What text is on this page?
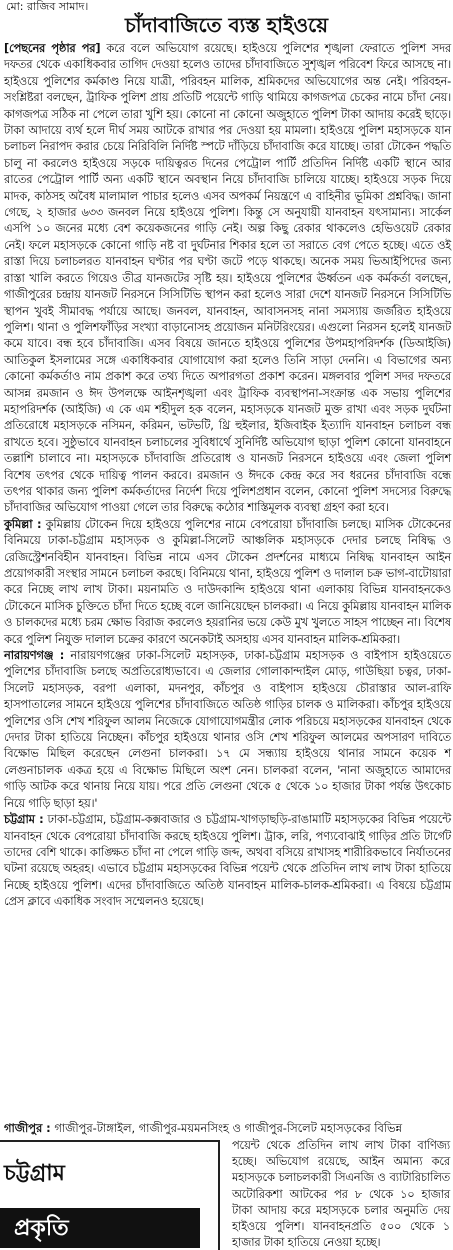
মো: রাজিব সামাদ।
চাঁদাবাজিতে ব্যস্ত হাইওয়ে

[পেছনের পৃষ্ঠার পর] করে বলে অভিযোগ রয়েছে। হাইওয়ে পুলিশের শৃঙ্খলা ফেরাতে পুলিশ সদর দফতর থেকে একাধিকবার তাগিদ দেওয়া হলেও তাদের চাঁদাবাজিতে সুশৃঙ্খল পরিবেশ ফিরে আসছে না। হাইওয়ে পুলিশের কর্মকাণ্ড নিয়ে যাত্রী, পরিবহন মালিক, শ্রমিকদের অভিযোগের অন্ত নেই। পরিবহন-সংশ্লিষ্টরা বলছেন, ট্রাফিক পুলিশ প্রায় প্রতিটি পয়েন্টে গাড়ি থামিয়ে কাগজপত্র চেকের নামে চাঁদা নেয়। কাগজপত্র সঠিক না পেলে তারা খুশি হয়। কোনো না কোনো অজুহাতে পুলিশ টাকা আদায় করেই ছাড়ে। টাকা আদায়ে ব্যর্থ হলে দীর্ঘ সময় আটকে রাখার পর দেওয়া হয় মামলা। হাইওয়ে পুলিশ মহাসড়কে যান চলাচল নিরাপদ করার চেয়ে নিরিবিলি নির্দিষ্ট স্পটে দাঁড়িয়ে চাঁদাবাজি করে যাচ্ছে। তারা টোকেন পদ্ধতি চালু না করলেও হাইওয়ে সড়কে দায়িত্বরত দিনের পেট্রোল পার্টি প্রতিদিন নির্দিষ্ট একটি স্থানে আর রাতের পেট্রোল পার্টি অন্য একটি স্থানে অবস্থান নিয়ে চাঁদাবাজি চালিয়ে যাচ্ছে। হাইওয়ে সড়ক দিয়ে মাদক, কাঠসহ অবৈধ মালামাল পাচার হলেও এসব অপকর্ম নিয়ন্ত্রণে এ বাহিনীর ভূমিকা প্রশ্নবিদ্ধ। জানা গেছে, ২ হাজার ৬৩৩ জনবল নিয়ে হাইওয়ে পুলিশ। কিন্তু সে অনুযায়ী যানবাহন যৎসামান্য। সার্কেল এসপি ১০ জনের মধ্যে বেশ কয়েকজনের গাড়ি নেই। অল্প কিছু রেকার থাকলেও হেভিওয়েট রেকার নেই। ফলে মহাসড়কে কোনো গাড়ি নষ্ট বা দুর্ঘটনার শিকার হলে তা সরাতে বেগ পেতে হচ্ছে। এতে ওই রাস্তা দিয়ে চলাচলরত যানবাহন ঘণ্টার পর ঘণ্টা জটে পড়ে থাকছে। অনেক সময় ভিআইপিদের জন্য রাস্তা খালি করতে গিয়েও তীব্র যানজটের সৃষ্টি হয়। হাইওয়ে পুলিশের ঊর্ধ্বতন এক কর্মকর্তা বলছেন, গাজীপুরের চন্দ্রায় যানজট নিরসনে সিসিটিভি স্থাপন করা হলেও সারা দেশে যানজট নিরসনে সিসিটিভি স্থাপন খুবই সীমাবদ্ধ পর্যায়ে আছে। জনবল, যানবাহন, আবাসনসহ নানা সমস্যায় জর্জরিত হাইওয়ে পুলিশ। থানা ও পুলিশফাঁড়ির সংখ্যা বাড়ানোসহ প্রয়োজন মনিটরিংয়ের। এগুলো নিরসন হলেই যানজট কমে যাবে। বন্ধ হবে চাঁদাবাজি। এসব বিষয়ে জানতে হাইওয়ে পুলিশের উপমহাপরিদর্শক (ডিআইজি) আতিকুল ইসলামের সঙ্গে একাধিকবার যোগাযোগ করা হলেও তিনি সাড়া দেননি। এ বিভাগের অন্য কোনো কর্মকর্তাও নাম প্রকাশ করে তথ্য দিতে অপারগতা প্রকাশ করেন। মঙ্গলবার পুলিশ সদর দফতরে আসন্ন রমজান ও ঈদ উপলক্ষে আইনশৃঙ্খলা এবং ট্রাফিক ব্যবস্থাপনা-সংক্রান্ত এক সভায় পুলিশের মহাপরিদর্শক (আইজি) এ কে এম শহীদুল হক বলেন, মহাসড়কে যানজট মুক্ত রাখা এবং সড়ক দুর্ঘটনা প্রতিরোধে মহাসড়কে নসিমন, করিমন, ভটভটি, থ্রি হুইলার, ইজিবাইক ইত্যাদি যানবাহন চলাচল বন্ধ রাখতে হবে। সুষ্ঠুভাবে যানবাহন চলাচলের সুবিধার্থে সুনির্দিষ্ট অভিযোগ ছাড়া পুলিশ কোনো যানবাহনে তল্লাশি চালাবে না। মহাসড়কে চাঁদাবাজি প্রতিরোধ ও যানজট নিরসনে হাইওয়ে এবং জেলা পুলিশ বিশেষ তৎপর থেকে দায়িত্ব পালন করবে। রমজান ও ঈদকে কেন্দ্র করে সব ধরনের চাঁদাবাজি বন্ধে তৎপর থাকার জন্য পুলিশ কর্মকর্তাদের নির্দেশ দিয়ে পুলিশপ্রধান বলেন, কোনো পুলিশ সদস্যের বিরুদ্ধে চাঁদাবাজির অভিযোগ পাওয়া গেলে তার বিরুদ্ধে কঠোর শাস্তিমূলক ব্যবস্থা গ্রহণ করা হবে।

কুমিল্লা : কুমিল্লায় টোকেন দিয়ে হাইওয়ে পুলিশের নামে বেপরোয়া চাঁদাবাজি চলছে। মাসিক টোকেনের বিনিময়ে ঢাকা-চট্টগ্রাম মহাসড়ক ও কুমিল্লা-সিলেট আঞ্চলিক মহাসড়কে দেদার চলছে নিষিদ্ধ ও রেজিস্ট্রেশনবিহীন যানবাহন। বিভিন্ন নামে এসব টোকেন প্রদর্শনের মাধ্যমে নিষিদ্ধ যানবাহন আইন প্রয়োগকারী সংস্থার সামনে চলাচল করছে। বিনিময়ে থানা, হাইওয়ে পুলিশ ও দালাল চক্র ভাগ-বাটোয়ারা করে নিচ্ছে লাখ লাখ টাকা। ময়নামতি ও দাউদকান্দি হাইওয়ে থানা এলাকায় বিভিন্ন যানবাহনকেও টোকেনে মাসিক চুক্তিতে চাঁদা দিতে হচ্ছে বলে জানিয়েছেন চালকরা। এ নিয়ে কুমিল্লায় যানবাহন মালিক ও চালকদের মধ্যে চরম ক্ষোভ বিরাজ করলেও হয়রানির ভয়ে কেউ মুখ খুলতে সাহস পাচ্ছেন না। বিশেষ করে পুলিশ নিযুক্ত দালাল চক্রের কারণে অনেকটাই অসহায় এসব যানবাহন মালিক-শ্রমিকরা।

নারায়ণগঞ্জ : নারায়ণগঞ্জের ঢাকা-সিলেট মহাসড়ক, ঢাকা-চট্টগ্রাম মহাসড়ক ও বাইপাস হাইওয়েতে পুলিশের চাঁদাবাজি চলছে অপ্রতিরোধ্যভাবে। এ জেলার গোলাকান্দাইল মোড়, গাউছিয়া চত্বর, ঢাকা-সিলেট মহাসড়ক, বরপা এলাকা, মদনপুর, কাঁচপুর ও বাইপাস হাইওয়ে চৌরাস্তার আল-রাফি হাসপাতালের সামনে হাইওয়ে পুলিশের চাঁদাবাজিতে অতিষ্ঠ গাড়ির চালক ও মালিকরা। কাঁচপুর হাইওয়ে পুলিশের ওসি শেখ শরিফুল আলম নিজেকে যোগাযোগমন্ত্রীর লোক পরিচয়ে মহাসড়কের যানবাহন থেকে দেদার টাকা হাতিয়ে নিচ্ছেন। কাঁচপুর হাইওয়ে থানার ওসি শেখ শরিফুল আলমের অপসারণ দাবিতে বিক্ষোভ মিছিল করেছেন লেগুনা চালকরা। ১৭ মে সন্ধ্যায় হাইওয়ে থানার সামনে কয়েক শ লেগুনাচালক একত্র হয়ে এ বিক্ষোভ মিছিলে অংশ নেন। চালকরা বলেন, 'নানা অজুহাতে আমাদের গাড়ি আটক করে থানায় নিয়ে যায়। পরে প্রতি লেগুনা থেকে ৫ থেকে ১০ হাজার টাকা পর্যন্ত উৎকোচ নিয়ে গাড়ি ছাড়া হয়।'

চট্টগ্রাম : ঢাকা-চট্টগ্রাম, চট্টগ্রাম-কক্সবাজার ও চট্টগ্রাম-খাগড়াছড়ি-রাঙামাটি মহাসড়কের বিভিন্ন পয়েন্টে যানবাহন থেকে বেপরোয়া চাঁদাবাজি করছে হাইওয়ে পুলিশ। ট্রাক, লরি, পণ্যবোঝাই গাড়ির প্রতি টার্গেট তাদের বেশি থাকে। কাঙ্ক্ষিত চাঁদা না পেলে গাড়ি জব্দ, অথবা বসিয়ে রাখাসহ শারীরিকভাবে নির্যাতনের ঘটনা রয়েছে অহরহ। এভাবে চট্টগ্রাম মহাসড়কের বিভিন্ন পয়েন্ট থেকে প্রতিদিন লাখ লাখ টাকা হাতিয়ে নিচ্ছে হাইওয়ে পুলিশ। এদের চাঁদাবাজিতে অতিষ্ঠ যানবাহন মালিক-চালক-শ্রমিকরা। এ বিষয়ে চট্টগ্রাম প্রেস ক্লাবে একাধিক সংবাদ সম্মেলনও হয়েছে।

গাজীপুর : গাজীপুর-টাঙ্গাইল, গাজীপুর-ময়মনসিংহ ও গাজীপুর-সিলেট মহাসড়কের বিভিন্ন

পয়েন্ট থেকে প্রতিদিন লাখ লাখ টাকা বাণিজ্য হচ্ছে। অভিযোগ রয়েছে, আইন অমান্য করে মহাসড়কে চলাচলকারী সিএনজি ও ব্যাটারিচালিত অটোরিকশা আটকের পর ৮ থেকে ১০ হাজার টাকা আদায় করে মহাসড়কে চলার অনুমতি দেয় হাইওয়ে পুলিশ। যানবাহনপ্রতি ৫০০ থেকে ১ হাজার টাকা হাতিয়ে নেওয়া হচ্ছে।
চট্টগ্রাম
প্রকৃতি
